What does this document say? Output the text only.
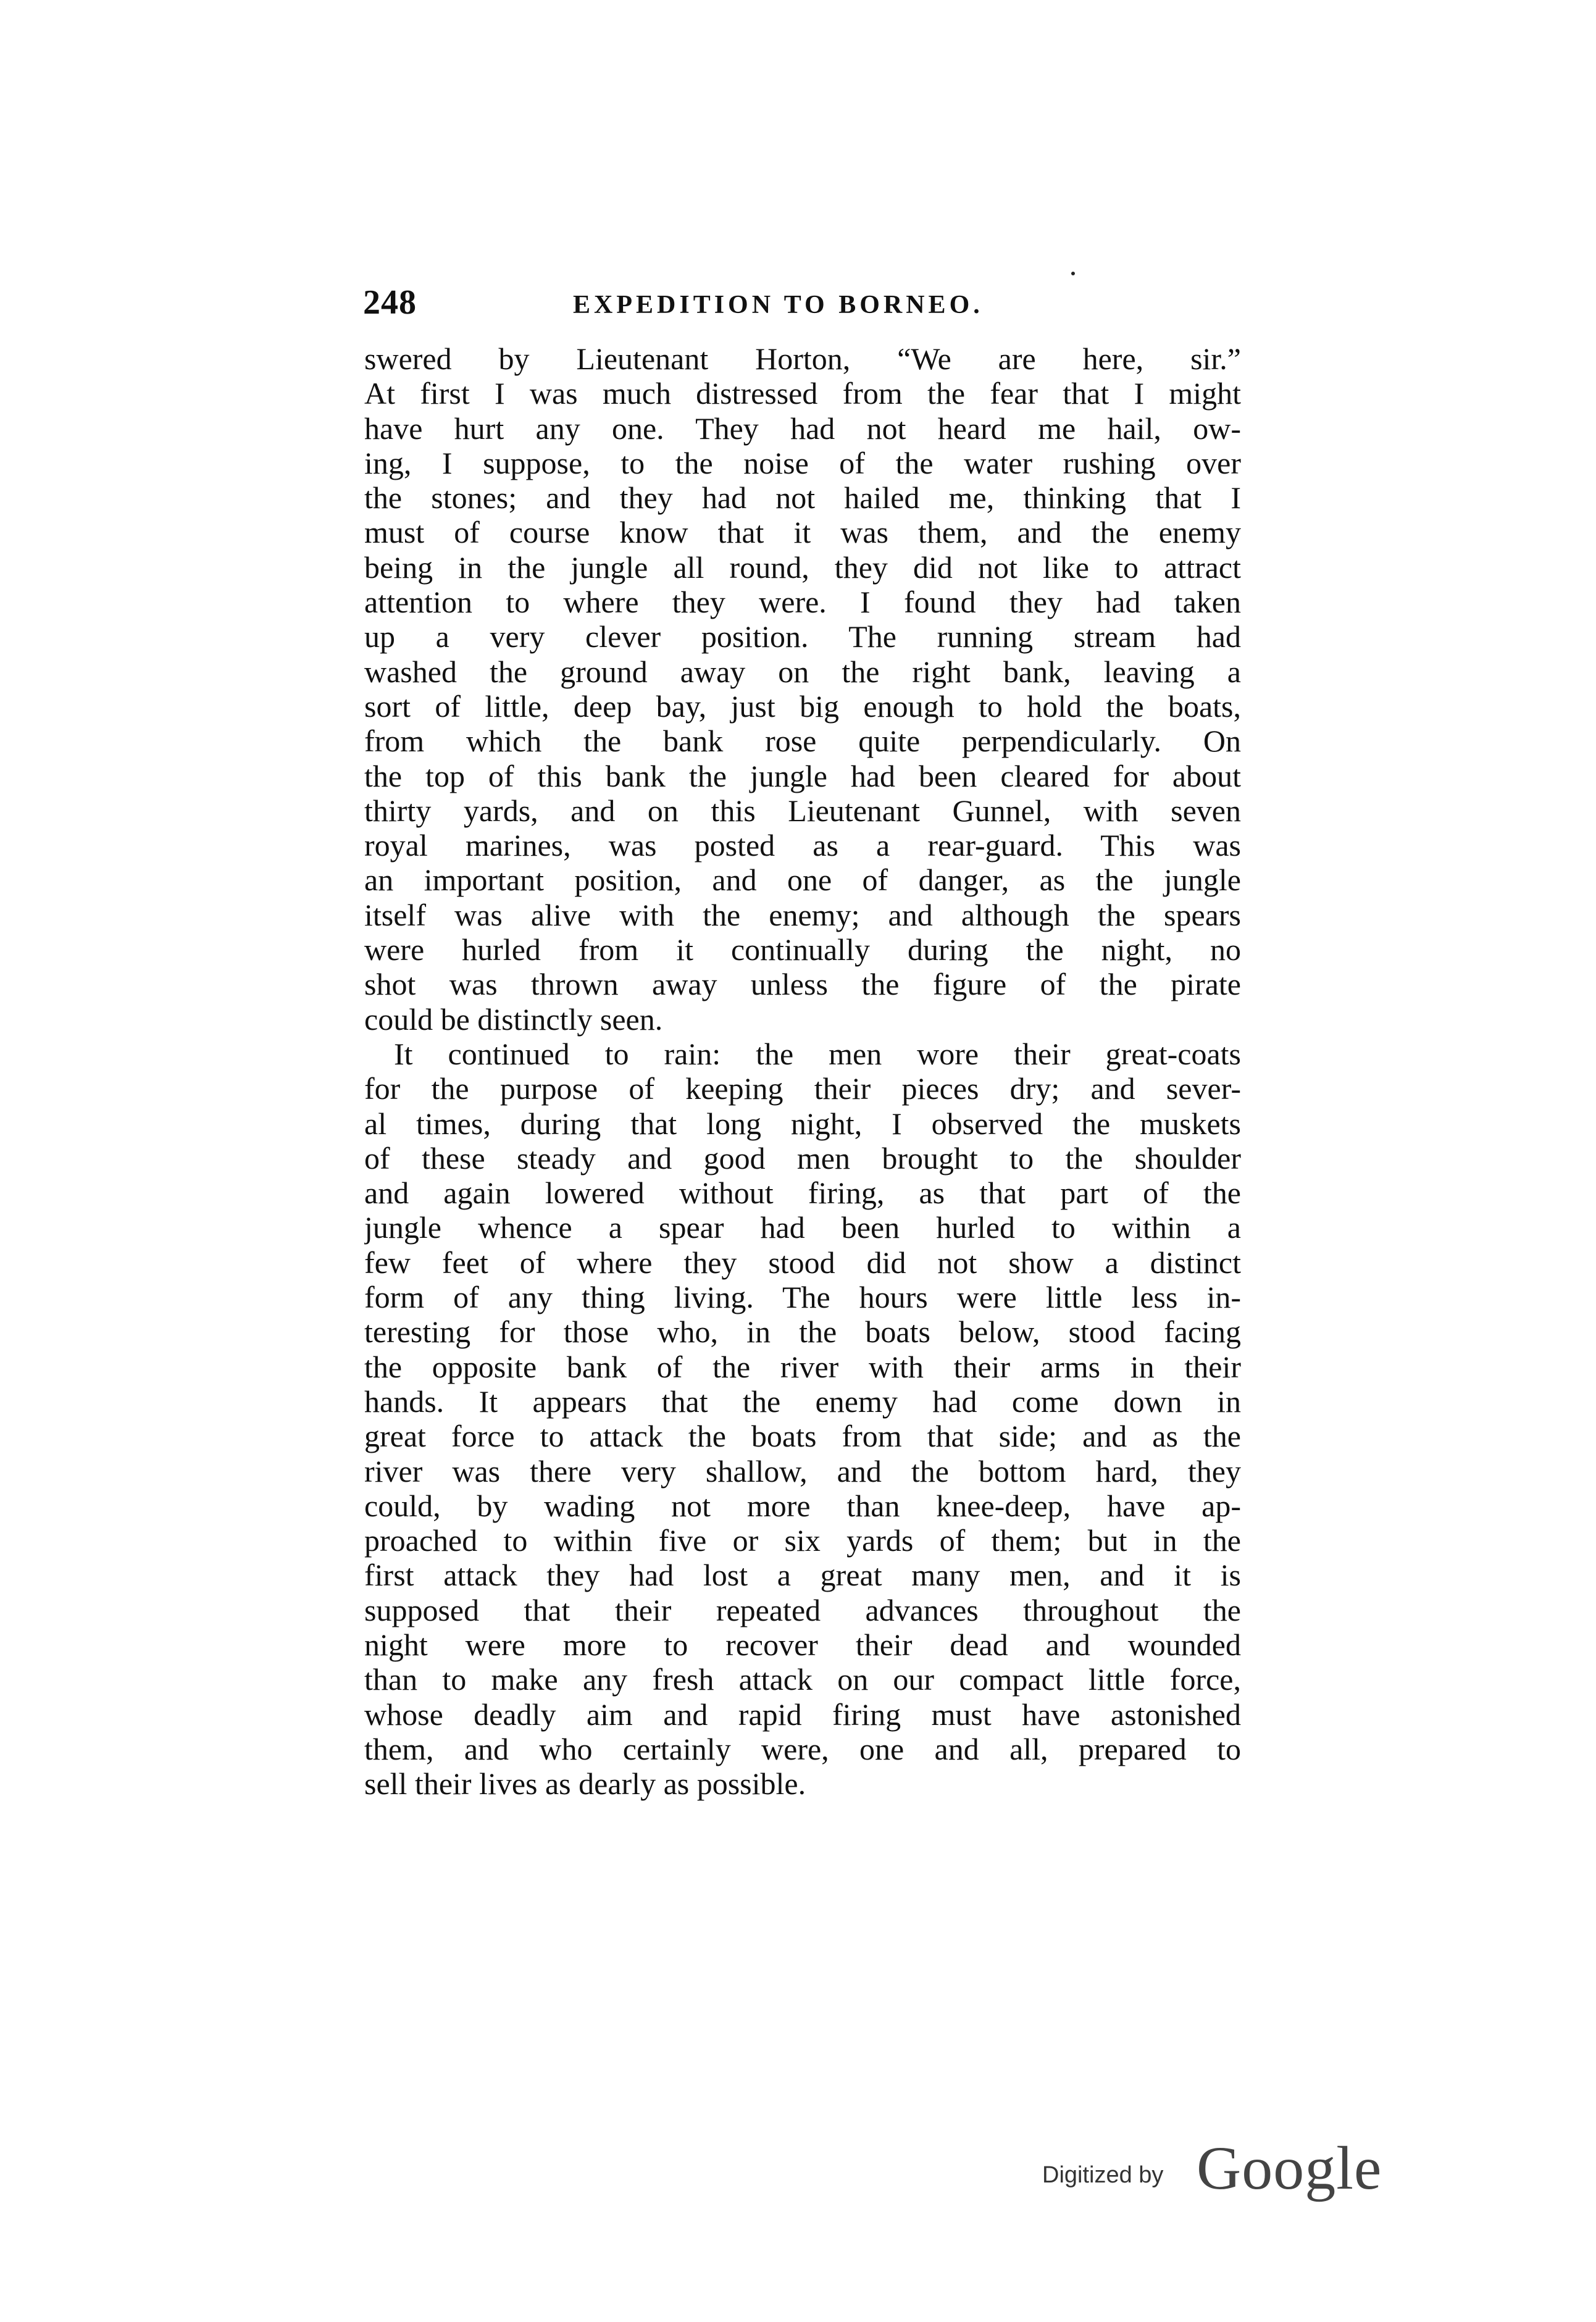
248	EXPEDITION TO BORNEO.
swered by Lieutenant Horton, “We are here, sir.”
At first I was much distressed from the fear that I might
have hurt any one. They had not heard me hail, ow-
ing, I suppose, to the noise of the water rushing over
the stones; and they had not hailed me, thinking that I
must of course know that it was them, and the enemy
being in the jungle all round, they did not like to attract
attention to where they were. I found they had taken
up a very clever position. The running stream had
washed the ground away on the right bank, leaving a
sort of little, deep bay, just big enough to hold the boats,
from which the bank rose quite perpendicularly. On
the top of this bank the jungle had been cleared for about
thirty yards, and on this Lieutenant Gunnel, with seven
royal marines, was posted as a rear-guard. This was
an important position, and one of danger, as the jungle
itself was alive with the enemy; and although the spears
were hurled from it continually during the night, no
shot was thrown away unless the figure of the pirate
could be distinctly seen.
It continued to rain: the men wore their great-coats
for the purpose of keeping their pieces dry; and sever-
al times, during that long night, I observed the muskets
of these steady and good men brought to the shoulder
and again lowered without firing, as that part of the
jungle whence a spear had been hurled to within a
few feet of where they stood did not show a distinct
form of any thing living. The hours were little less in-
teresting for those who, in the boats below, stood facing
the opposite bank of the river with their arms in their
hands. It appears that the enemy had come down in
great force to attack the boats from that side; and as the
river was there very shallow, and the bottom hard, they
could, by wading not more than knee-deep, have ap-
proached to within five or six yards of them; but in the
first attack they had lost a great many men, and it is
supposed that their repeated advances throughout the
night were more to recover their dead and wounded
than to make any fresh attack on our compact little force,
whose deadly aim and rapid firing must have astonished
them, and who certainly were, one and all, prepared to
sell their lives as dearly as possible.
Digitized by Google
